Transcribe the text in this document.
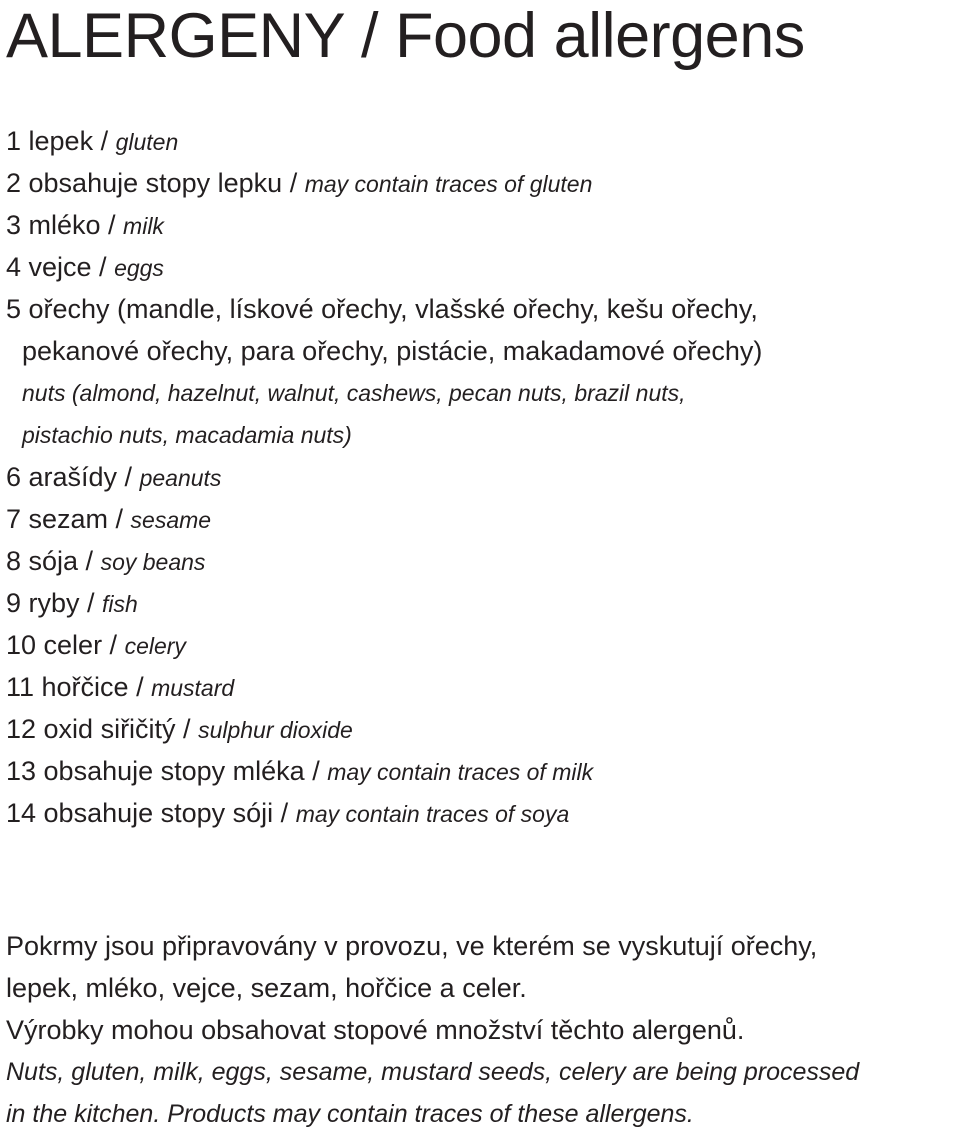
ALERGENY / Food allergens
1 lepek / gluten
2 obsahuje stopy lepku / may contain traces of gluten
3 mléko / milk
4 vejce / eggs
5 ořechy (mandle, lískové ořechy, vlašské ořechy, kešu ořechy,
pekanové ořechy, para ořechy, pistácie, makadamové ořechy)
nuts (almond, hazelnut, walnut, cashews, pecan nuts, brazil nuts,
pistachio nuts, macadamia nuts)
6 arašídy / peanuts
7 sezam / sesame
8 sója / soy beans
9 ryby / fish
10 celer / celery
11 hořčice / mustard
12 oxid siřičitý / sulphur dioxide
13 obsahuje stopy mléka / may contain traces of milk
14 obsahuje stopy sóji / may contain traces of soya

Pokrmy jsou připravovány v provozu, ve kterém se vyskutují ořechy,

lepek, mléko, vejce, sezam, hořčice a celer.

Výrobky mohou obsahovat stopové množství těchto alergenů.

Nuts, gluten, milk, eggs, sesame, mustard seeds, celery are being processed

in the kitchen. Products may contain traces of these allergens.
